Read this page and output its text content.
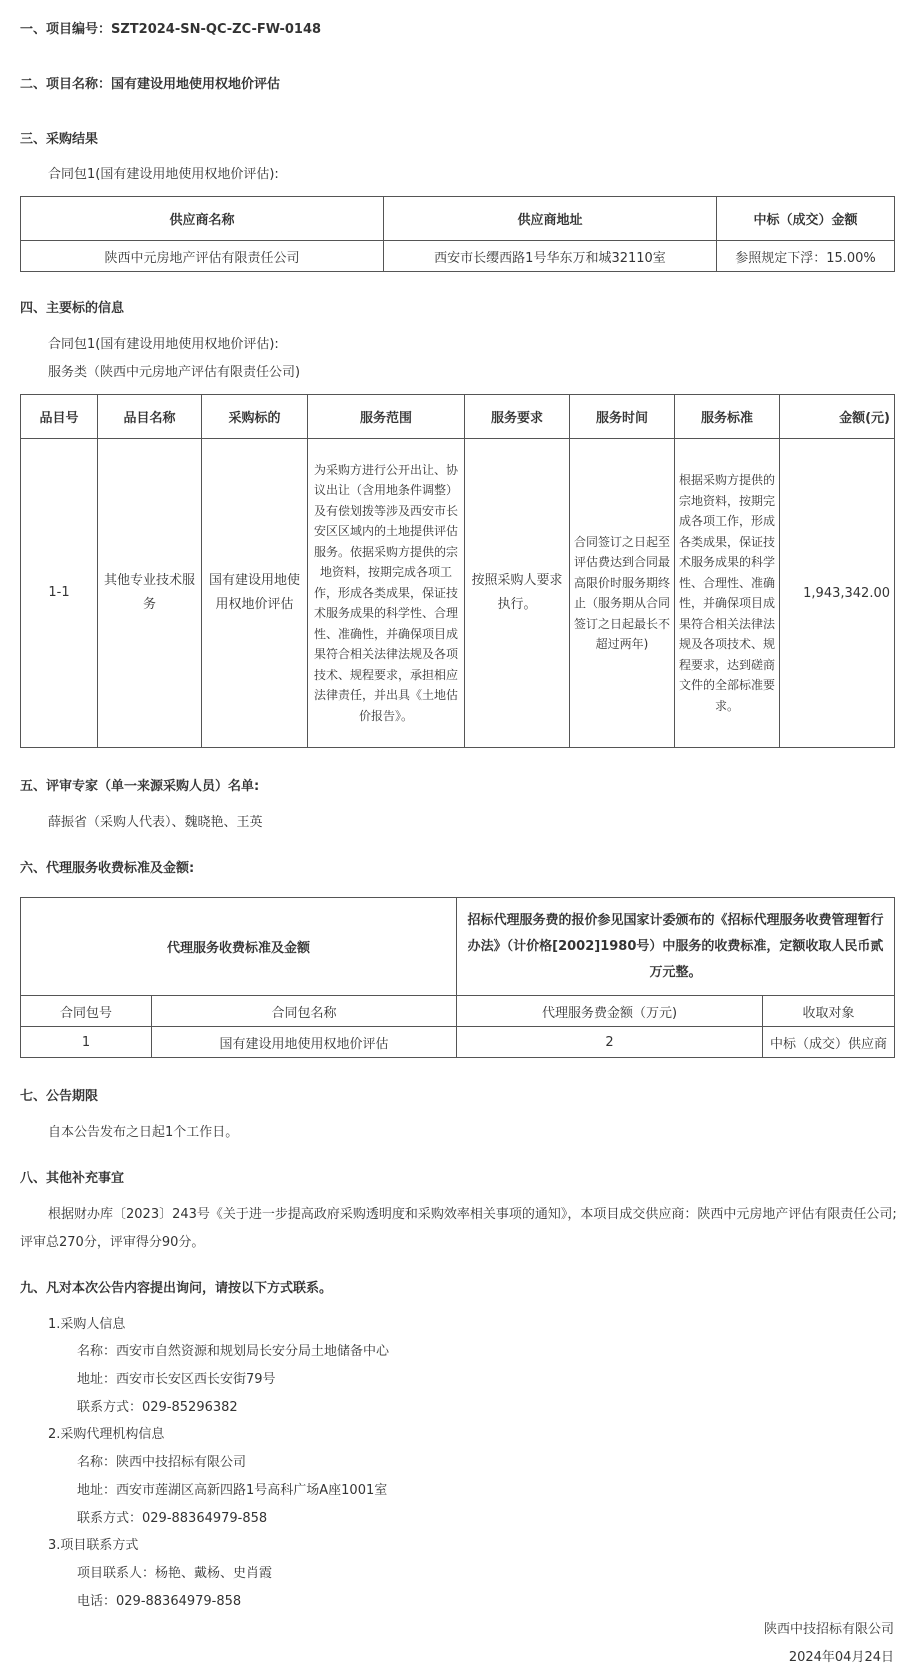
一、项目编号：SZT2024-SN-QC-ZC-FW-0148
二、项目名称：国有建设用地使用权地价评估
三、采购结果
合同包1(国有建设用地使用权地价评估):
供应商名称	供应商地址	中标（成交）金额
陕西中元房地产评估有限责任公司	西安市长缨西路1号华东万和城32110室	参照规定下浮：15.00%
四、主要标的信息
合同包1(国有建设用地使用权地价评估):
服务类（陕西中元房地产评估有限责任公司)
品目号	品目名称	采购标的	服务范围	服务要求	服务时间	服务标准	金额(元)
1-1	其他专业技术服务	国有建设用地使用权地价评估	为采购方进行公开出让、协议出让（含用地条件调整）及有偿划拨等涉及西安市长安区区域内的土地提供评估服务。依据采购方提供的宗地资料，按期完成各项工作，形成各类成果，保证技术服务成果的科学性、合理性、准确性，并确保项目成果符合相关法律法规及各项技术、规程要求，承担相应法律责任，并出具《土地估价报告》。	按照采购人要求执行。	合同签订之日起至评估费达到合同最高限价时服务期终止（服务期从合同签订之日起最长不超过两年)	根据采购方提供的宗地资料，按期完成各项工作，形成各类成果，保证技术服务成果的科学性、合理性、准确性，并确保项目成果符合相关法律法规及各项技术、规程要求，达到磋商文件的全部标准要求。	1,943,342.00
五、评审专家（单一来源采购人员）名单:
薛振省（采购人代表）、魏晓艳、王英
六、代理服务收费标准及金额:
代理服务收费标准及金额		招标代理服务费的报价参见国家计委颁布的《招标代理服务收费管理暂行 办法》（计价格[2002]1980号）中服务的收费标准，定额收取人民币贰万元整。	
合同包号	合同包名称	代理服务费金额（万元)	收取对象
1	国有建设用地使用权地价评估	2	中标（成交）供应商
七、公告期限
自本公告发布之日起1个工作日。
八、其他补充事宜
根据财办库〔2023〕243号《关于进一步提高政府采购透明度和采购效率相关事项的通知》，本项目成交供应商：陕西中元房地产评估有限责任公司;
评审总270分，评审得分90分。
九、凡对本次公告内容提出询问，请按以下方式联系。
1.采购人信息
名称：西安市自然资源和规划局长安分局土地储备中心
地址：西安市长安区西长安街79号
联系方式：029-85296382
2.采购代理机构信息
名称：陕西中技招标有限公司
地址：西安市莲湖区高新四路1号高科广场A座1001室
联系方式：029-88364979-858
3.项目联系方式
项目联系人：杨艳、戴杨、史肖霞
电话：029-88364979-858
陕西中技招标有限公司
2024年04月24日
